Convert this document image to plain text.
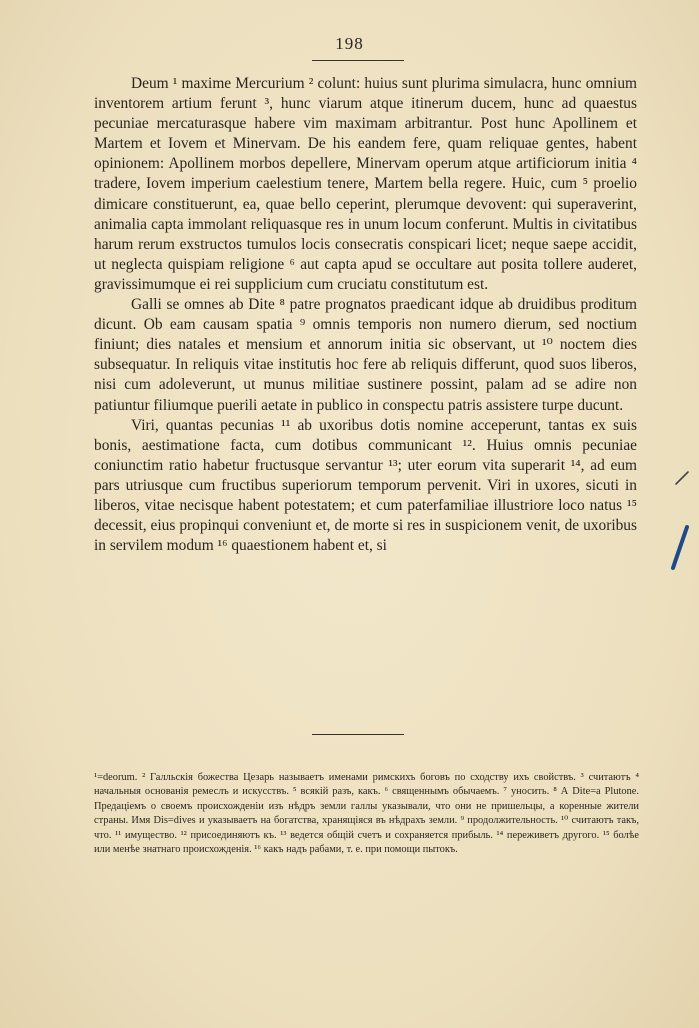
198

Deum ¹ maxime Mercurium ² colunt: huius sunt plurima simulacra, hunc omnium inventorem artium ferunt ³, hunc viarum atque itinerum ducem, hunc ad quaestus pecuniae mercaturasque habere vim maximam arbitrantur. Post hunc Apollinem et Martem et Iovem et Minervam. De his eandem fere, quam reliquae gentes, habent opinionem: Apollinem morbos depellere, Minervam operum atque artificiorum initia ⁴ tradere, Iovem imperium caelestium tenere, Martem bella regere. Huic, cum ⁵ proelio dimicare constituerunt, ea, quae bello ceperint, plerumque devovent: qui superaverint, animalia capta immolant reliquasque res in unum locum conferunt. Multis in civitatibus harum rerum exstructos tumulos locis consecratis conspicari licet; neque saepe accidit, ut neglecta quispiam religione ⁶ aut capta apud se occultare aut posita tollere auderet, gravissimumque ei rei supplicium cum cruciatu constitutum est.

Galli se omnes ab Dite ⁸ patre prognatos praedicant idque ab druidibus proditum dicunt. Ob eam causam spatia ⁹ omnis temporis non numero dierum, sed noctium finiunt; dies natales et mensium et annorum initia sic observant, ut ¹⁰ noctem dies subsequatur. In reliquis vitae institutis hoc fere ab reliquis differunt, quod suos liberos, nisi cum adoleverunt, ut munus militiae sustinere possint, palam ad se adire non patiuntur filiumque puerili aetate in publico in conspectu patris assistere turpe ducunt.

Viri, quantas pecunias ¹¹ ab uxoribus dotis nomine acceperunt, tantas ex suis bonis, aestimatione facta, cum dotibus communicant ¹². Huius omnis pecuniae coniunctim ratio habetur fructusque servantur ¹³; uter eorum vita superarit ¹⁴, ad eum pars utriusque cum fructibus superiorum temporum pervenit. Viri in uxores, sicuti in liberos, vitae necisque habent potestatem; et cum paterfamiliae illustriore loco natus ¹⁵ decessit, eius propinqui conveniunt et, de morte si res in suspicionem venit, de uxoribus in servilem modum ¹⁶ quaestionem habent et, si

¹=deorum. ² Галльскія божества Цезарь называетъ именами римскихъ боговъ по сходству ихъ свойствъ. ³ считаютъ ⁴ начальныя основанія ремеслъ и искусствъ. ⁵ всякій разъ, какъ. ⁶ священнымъ обычаемъ. ⁷ уносить. ⁸ А Dite=a Plutone. Предаціемъ о своемъ происхожденіи изъ нѣдръ земли галлы указывали, что они не пришельцы, а коренные жители страны. Имя Dis=dives и указываетъ на богатства, хранящіяся въ нѣдрахъ земли. ⁹ продолжительность. ¹⁰ считаютъ такъ, что. ¹¹ имущество. ¹² присоединяютъ къ. ¹³ ведется общій счетъ и сохраняется прибыль. ¹⁴ переживетъ другого. ¹⁵ болѣе или менѣе знатнаго происхожденія. ¹⁶ какъ надъ рабами, т. е. при помощи пытокъ.
